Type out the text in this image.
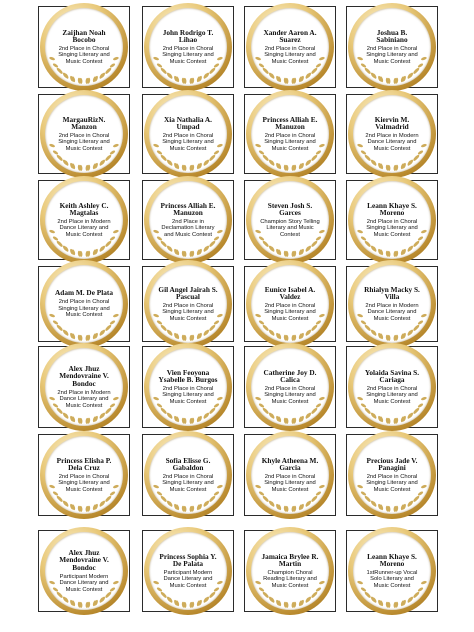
Zaijhan Noah Bocobo
2nd Place in Choral Singing Literary and Music Contest
John Rodrigo T. Lihao
2nd Place in Choral Singing Literary and Music Contest
Xander Aaron A. Suarez
2nd Place in Choral Singing Literary and Music Contest
Joshua B. Sabiniano
2nd Place in Choral Singing Literary and Music Contest
MargauRizN. Manzon
2nd Place in Choral Singing Literary and Music Contest
Xia Nathalia A. Umpad
2nd Place in Choral Singing Literary and Music Contest
Princess Alliah E. Manuzon
2nd Place in Choral Singing Literary and Music Contest
Kiervin M. Valmadrid
2nd Place in Modern Dance Literary and Music Contest
Keith Ashley C. Magtalas
2nd Place in Modern Dance Literary and Music Contest
Princess Alliah E. Manuzon
2nd Place in Declamation Literary and Music Contest
Steven Josh S. Garces
Champion Story Telling Literary and Music Contest
Leann Khaye S. Moreno
2nd Place in Choral Singing Literary and Music Contest
Adam M. De Plata
2nd Place in Choral Singing Literary and Music Contest
Gil Angel Jairah S. Pascual
2nd Place in Choral Singing Literary and Music Contest
Eunice Isabel A. Valdez
2nd Place in Choral Singing Literary and Music Contest
Rhialyn Macky S. Villa
2nd Place in Modern Dance Literary and Music Contest
Alex Jhuz Mendovraine V. Bondoc
2nd Place in Modern Dance Literary and Music Contest
Vien Feoyona Ysabelle B. Burgos
2nd Place in Choral Singing Literary and Music Contest
Catherine Joy D. Calica
2nd Place in Choral Singing Literary and Music Contest
Yolaida Savina S. Cariaga
2nd Place in Choral Singing Literary and Music Contest
Princess Elisha P. Dela Cruz
2nd Place in Choral Singing Literary and Music Contest
Sofia Elisse G. Gabaldon
2nd Place in Choral Singing Literary and Music Contest
Khyle Atheena M. Garcia
2nd Place in Choral Singing Literary and Music Contest
Precious Jade V. Panagini
2nd Place in Choral Singing Literary and Music Contest
Alex Jhuz Mendovraine V. Bondoc
Participant Modern Dance Literary and Music Contest
Princess Sophia Y. De Palata
Participant Modern Dance Literary and Music Contest
Jamaica Brylee R. Martin
Champion Choral Reading Literary and Music Contest
Leann Khaye S. Moreno
1stRunner-up Vocal Solo Literary and Music Contest
